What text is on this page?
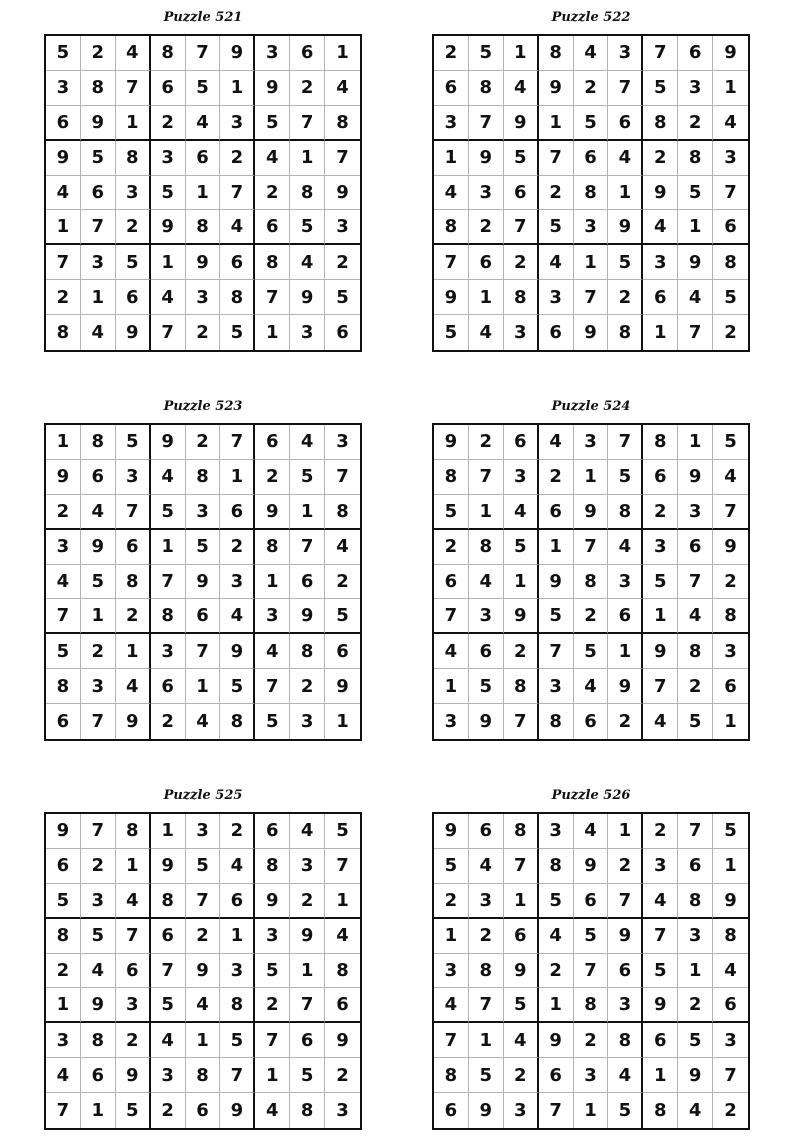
Puzzle 521
5	2	4	8	7	9	3	6	1
3	8	7	6	5	1	9	2	4
6	9	1	2	4	3	5	7	8
9	5	8	3	6	2	4	1	7
4	6	3	5	1	7	2	8	9
1	7	2	9	8	4	6	5	3
7	3	5	1	9	6	8	4	2
2	1	6	4	3	8	7	9	5
8	4	9	7	2	5	1	3	6
Puzzle 522
2	5	1	8	4	3	7	6	9
6	8	4	9	2	7	5	3	1
3	7	9	1	5	6	8	2	4
1	9	5	7	6	4	2	8	3
4	3	6	2	8	1	9	5	7
8	2	7	5	3	9	4	1	6
7	6	2	4	1	5	3	9	8
9	1	8	3	7	2	6	4	5
5	4	3	6	9	8	1	7	2
Puzzle 523
1	8	5	9	2	7	6	4	3
9	6	3	4	8	1	2	5	7
2	4	7	5	3	6	9	1	8
3	9	6	1	5	2	8	7	4
4	5	8	7	9	3	1	6	2
7	1	2	8	6	4	3	9	5
5	2	1	3	7	9	4	8	6
8	3	4	6	1	5	7	2	9
6	7	9	2	4	8	5	3	1
Puzzle 524
9	2	6	4	3	7	8	1	5
8	7	3	2	1	5	6	9	4
5	1	4	6	9	8	2	3	7
2	8	5	1	7	4	3	6	9
6	4	1	9	8	3	5	7	2
7	3	9	5	2	6	1	4	8
4	6	2	7	5	1	9	8	3
1	5	8	3	4	9	7	2	6
3	9	7	8	6	2	4	5	1
Puzzle 525
9	7	8	1	3	2	6	4	5
6	2	1	9	5	4	8	3	7
5	3	4	8	7	6	9	2	1
8	5	7	6	2	1	3	9	4
2	4	6	7	9	3	5	1	8
1	9	3	5	4	8	2	7	6
3	8	2	4	1	5	7	6	9
4	6	9	3	8	7	1	5	2
7	1	5	2	6	9	4	8	3
Puzzle 526
9	6	8	3	4	1	2	7	5
5	4	7	8	9	2	3	6	1
2	3	1	5	6	7	4	8	9
1	2	6	4	5	9	7	3	8
3	8	9	2	7	6	5	1	4
4	7	5	1	8	3	9	2	6
7	1	4	9	2	8	6	5	3
8	5	2	6	3	4	1	9	7
6	9	3	7	1	5	8	4	2
